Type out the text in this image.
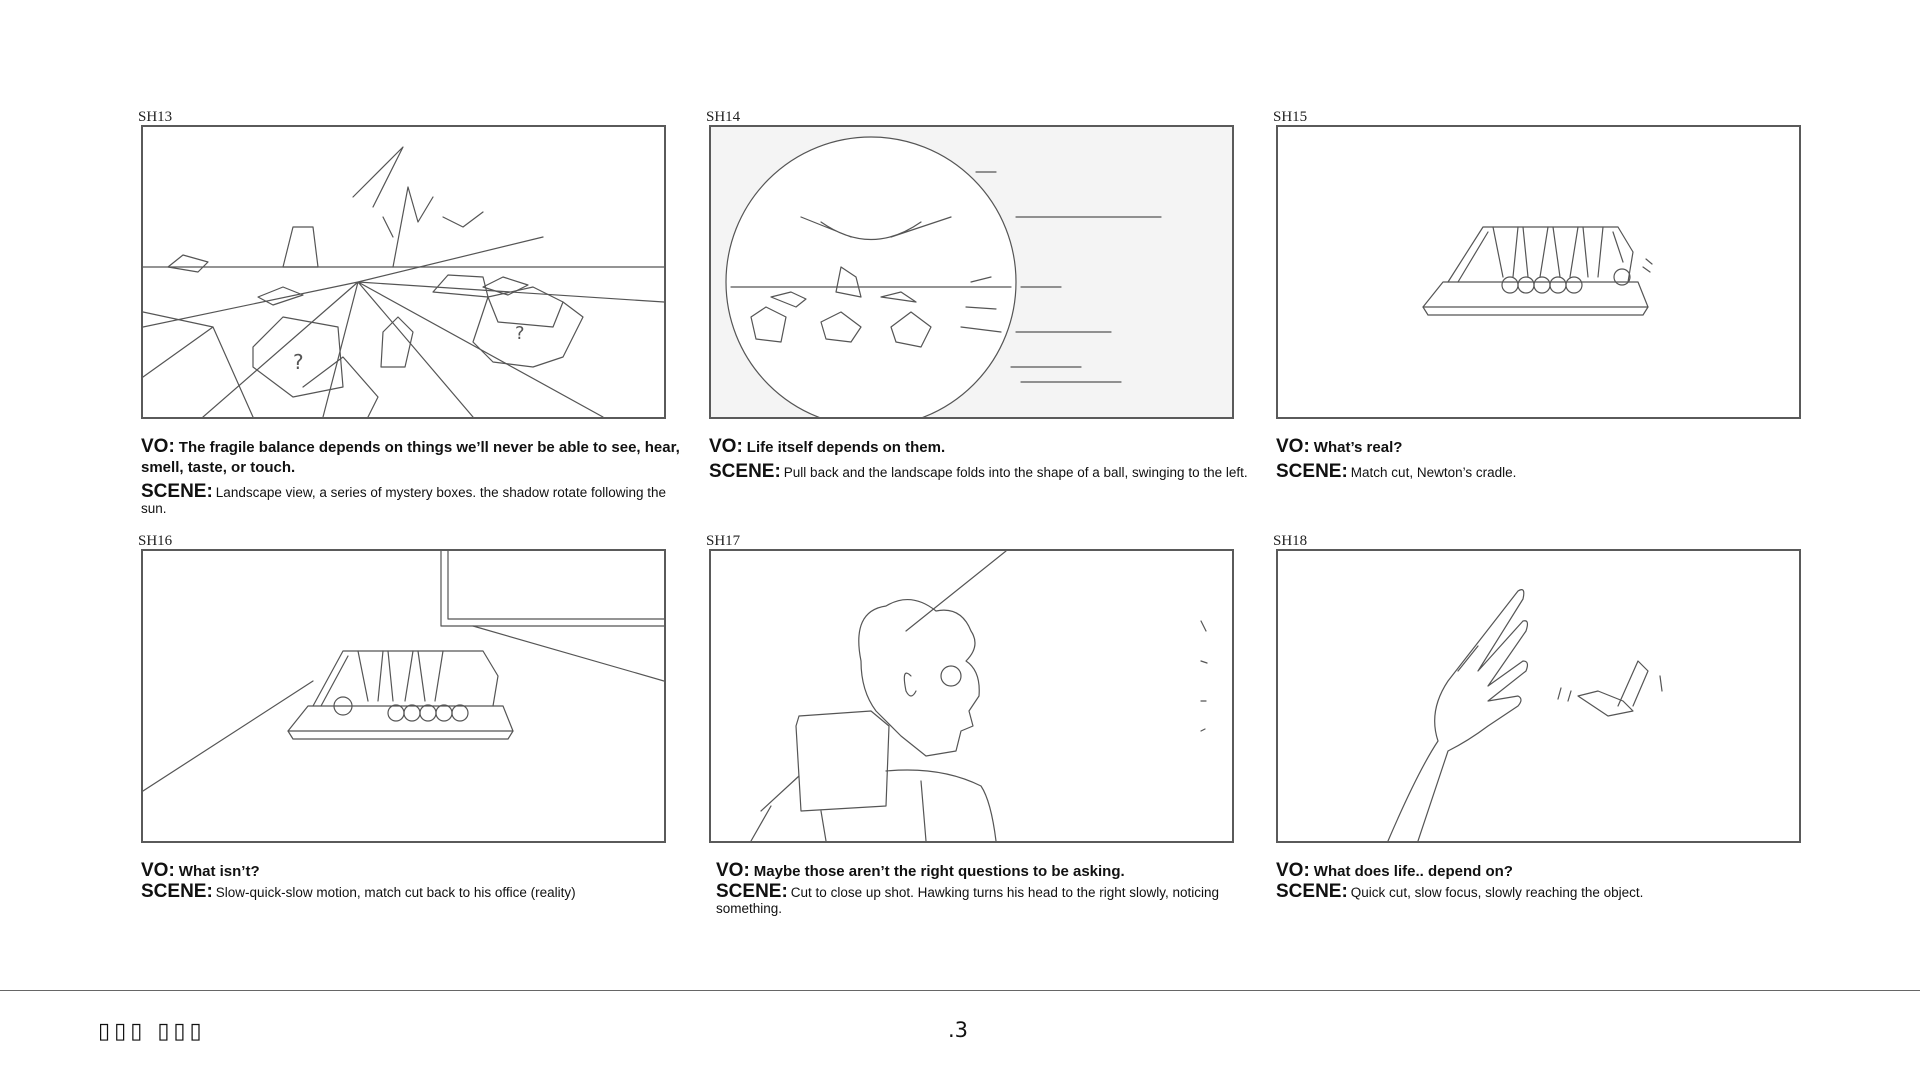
SH13
?
?
VO: The fragile balance depends on things we’ll never be able to see, hear, smell, taste, or touch.
SCENE: Landscape view, a series of mystery boxes. the shadow rotate following the sun.
SH14
VO: Life itself depends on them.
SCENE: Pull back and the landscape folds into the shape of a ball, swinging to the left.
SH15
VO: What’s real?
SCENE: Match cut, Newton’s cradle.
SH16
VO: What isn’t?
SCENE: Slow-quick-slow motion, match cut back to his office (reality)
SH17
VO: Maybe those aren’t the right questions to be asking.
SCENE: Cut to close up shot. Hawking turns his head to the right slowly, noticing something.
SH18
VO: What does life.. depend on?
SCENE: Quick cut, slow focus, slowly reaching the object.
▯▯▯ ▯▯▯	.3
